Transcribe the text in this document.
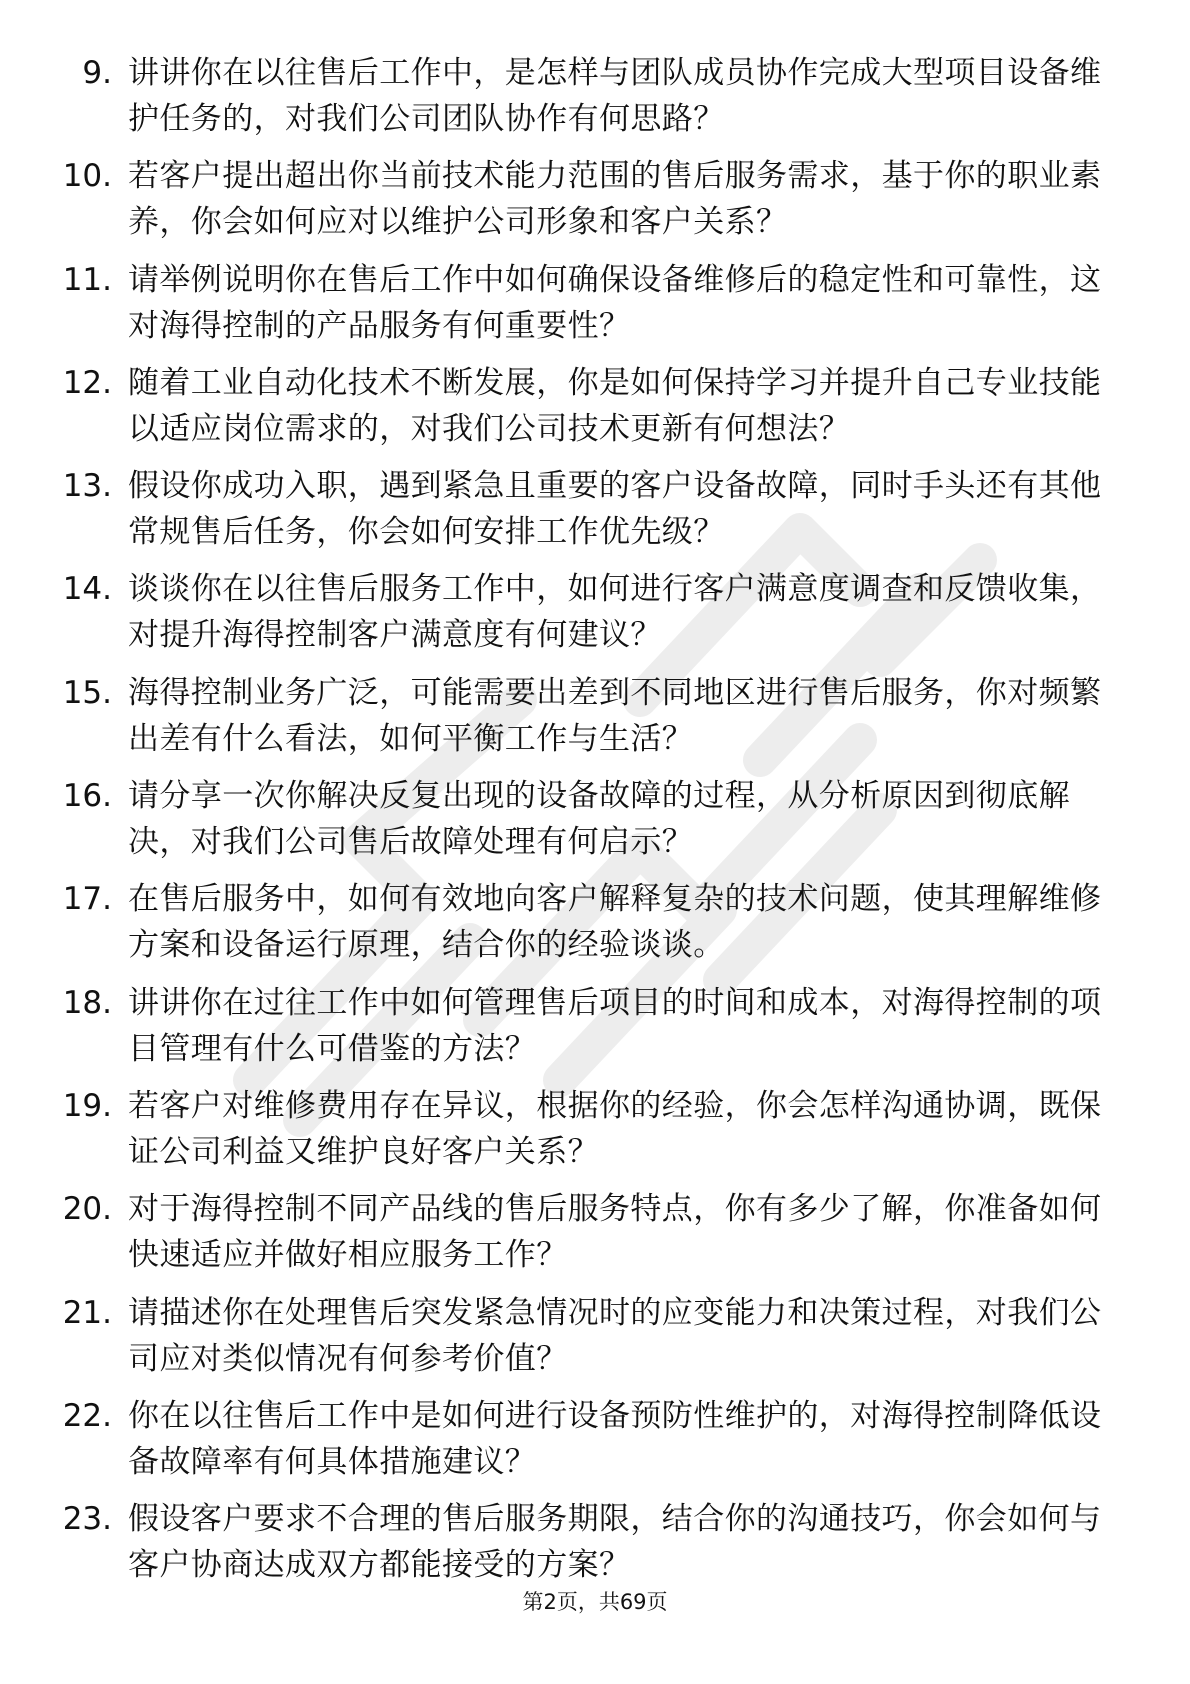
9. 讲讲你在以往售后工作中，是怎样与团队成员协作完成大型项目设备维护任务的，对我们公司团队协作有何思路？
10. 若客户提出超出你当前技术能力范围的售后服务需求，基于你的职业素养，你会如何应对以维护公司形象和客户关系？
11. 请举例说明你在售后工作中如何确保设备维修后的稳定性和可靠性，这对海得控制的产品服务有何重要性？
12. 随着工业自动化技术不断发展，你是如何保持学习并提升自己专业技能以适应岗位需求的，对我们公司技术更新有何想法？
13. 假设你成功入职，遇到紧急且重要的客户设备故障，同时手头还有其他常规售后任务，你会如何安排工作优先级？
14. 谈谈你在以往售后服务工作中，如何进行客户满意度调查和反馈收集，对提升海得控制客户满意度有何建议？
15. 海得控制业务广泛，可能需要出差到不同地区进行售后服务，你对频繁出差有什么看法，如何平衡工作与生活？
16. 请分享一次你解决反复出现的设备故障的过程，从分析原因到彻底解决，对我们公司售后故障处理有何启示？
17. 在售后服务中，如何有效地向客户解释复杂的技术问题，使其理解维修方案和设备运行原理，结合你的经验谈谈。
18. 讲讲你在过往工作中如何管理售后项目的时间和成本，对海得控制的项目管理有什么可借鉴的方法？
19. 若客户对维修费用存在异议，根据你的经验，你会怎样沟通协调，既保证公司利益又维护良好客户关系？
20. 对于海得控制不同产品线的售后服务特点，你有多少了解，你准备如何快速适应并做好相应服务工作？
21. 请描述你在处理售后突发紧急情况时的应变能力和决策过程，对我们公司应对类似情况有何参考价值？
22. 你在以往售后工作中是如何进行设备预防性维护的，对海得控制降低设备故障率有何具体措施建议？
23. 假设客户要求不合理的售后服务期限，结合你的沟通技巧，你会如何与客户协商达成双方都能接受的方案？
第2页，共69页
